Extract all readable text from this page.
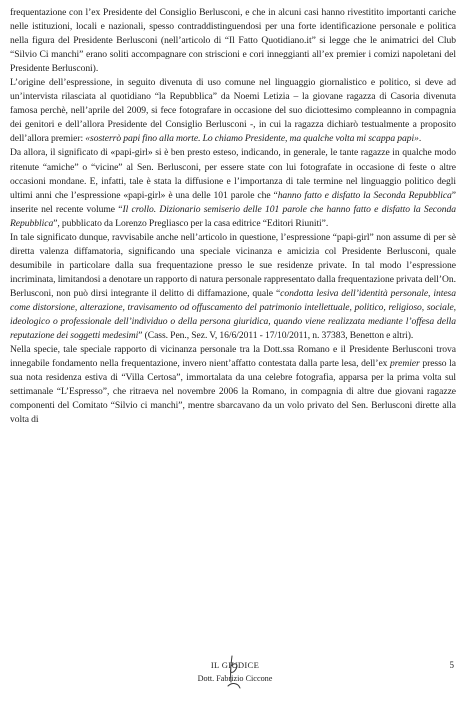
frequentazione con l’ex Presidente del Consiglio Berlusconi, e che in alcuni casi hanno rivestitito importanti cariche nelle istituzioni, locali e nazionali, spesso contraddistinguendosi per una forte identificazione personale e politica nella figura del Presidente Berlusconi (nell’articolo di “Il Fatto Quotidiano.it” si legge che le animatrici del Club “Silvio Ci manchi” erano soliti accompagnare con striscioni e cori inneggianti all’ex premier i comizi napoletani del Presidente Berlusconi).

L’origine dell’espressione, in seguito divenuta di uso comune nel linguaggio giornalistico e politico, si deve ad un’intervista rilasciata al quotidiano “la Repubblica” da Noemi Letizia – la giovane ragazza di Casoria divenuta famosa perchè, nell’aprile del 2009, si fece fotografare in occasione del suo diciottesimo compleanno in compagnia dei genitori e dell’allora Presidente del Consiglio Berlusconi -, in cui la ragazza dichiarò testualmente a proposito dell’allora premier: «sosterrò papi fino alla morte. Lo chiamo Presidente, ma qualche volta mi scappa papi».

Da allora, il significato di «papi-girl» si è ben presto esteso, indicando, in generale, le tante ragazze in qualche modo ritenute “amiche” o “vicine” al Sen. Berlusconi, per essere state con lui fotografate in occasione di feste o altre occasioni mondane. E, infatti, tale è stata la diffusione e l’importanza di tale termine nel linguaggio politico degli ultimi anni che l’espressione «papi-girl» è una delle 101 parole che “hanno fatto e disfatto la Seconda Repubblica” inserite nel recente volume “Il crollo. Dizionario semiserio delle 101 parole che hanno fatto e disfatto la Seconda Repubblica”, pubblicato da Lorenzo Pregliasco per la casa editrice “Editori Riuniti”.

In tale significato dunque, ravvisabile anche nell’articolo in questione, l’espressione “papi-girl” non assume di per sè diretta valenza diffamatoria, significando una speciale vicinanza e amicizia col Presidente Berlusconi, quale desumibile in particolare dalla sua frequentazione presso le sue residenze private. In tal modo l’espressione incriminata, limitandosi a denotare un rapporto di natura personale rappresentato dalla frequentazione privata dell’On. Berlusconi, non può dirsi integrante il delitto di diffamazione, quale “condotta lesiva dell’identità personale, intesa come distorsione, alterazione, travisamento od offuscamento del patrimonio intellettuale, politico, religioso, sociale, ideologico o professionale dell’individuo o della persona giuridica, quando viene realizzata mediante l’offesa della reputazione dei soggetti medesimi” (Cass. Pen., Sez. V, 16/6/2011 - 17/10/2011, n. 37383, Benetton e altri).

Nella specie, tale speciale rapporto di vicinanza personale tra la Dott.ssa Romano e il Presidente Berlusconi trova innegabile fondamento nella frequentazione, invero nient’affatto contestata dalla parte lesa, dell’ex premier presso la sua nota residenza estiva di “Villa Certosa”, immortalata da una celebre fotografia, apparsa per la prima volta sul settimanale “L’Espresso”, che ritraeva nel novembre 2006 la Romano, in compagnia di altre due giovani ragazze componenti del Comitato “Silvio ci manchi”, mentre sbarcavano da un volo privato del Sen. Berlusconi dirette alla volta di

IL GIUDICE
Dott. Fabrizio Ciccone
5
